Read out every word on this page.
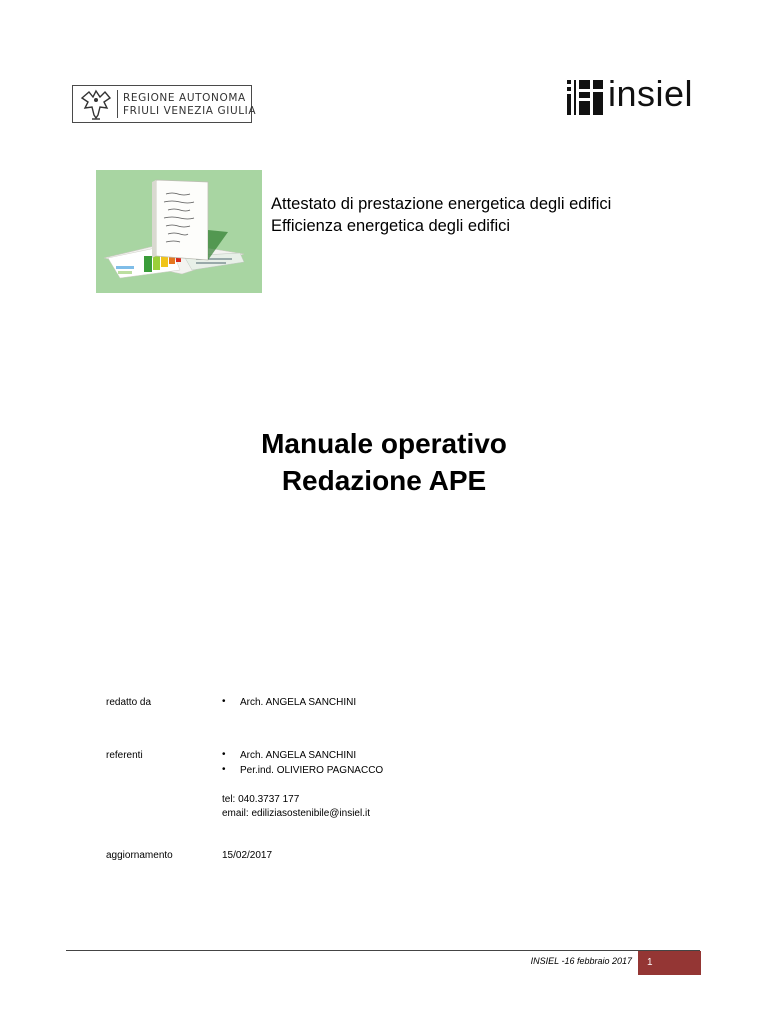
REGIONE AUTONOMA
FRIULI VENEZIA GIULIA	insiel
Attestato di prestazione energetica degli edifici
Efficienza energetica degli edifici
Manuale operativo
Redazione APE
redatto da	• Arch. ANGELA SANCHINI
referenti	• Arch. ANGELA SANCHINI
• Per.ind. OLIVIERO PAGNACCO
tel: 040.3737 177
email: ediliziasostenibile@insiel.it
aggiornamento	15/02/2017
INSIEL -16 febbraio 2017 1
